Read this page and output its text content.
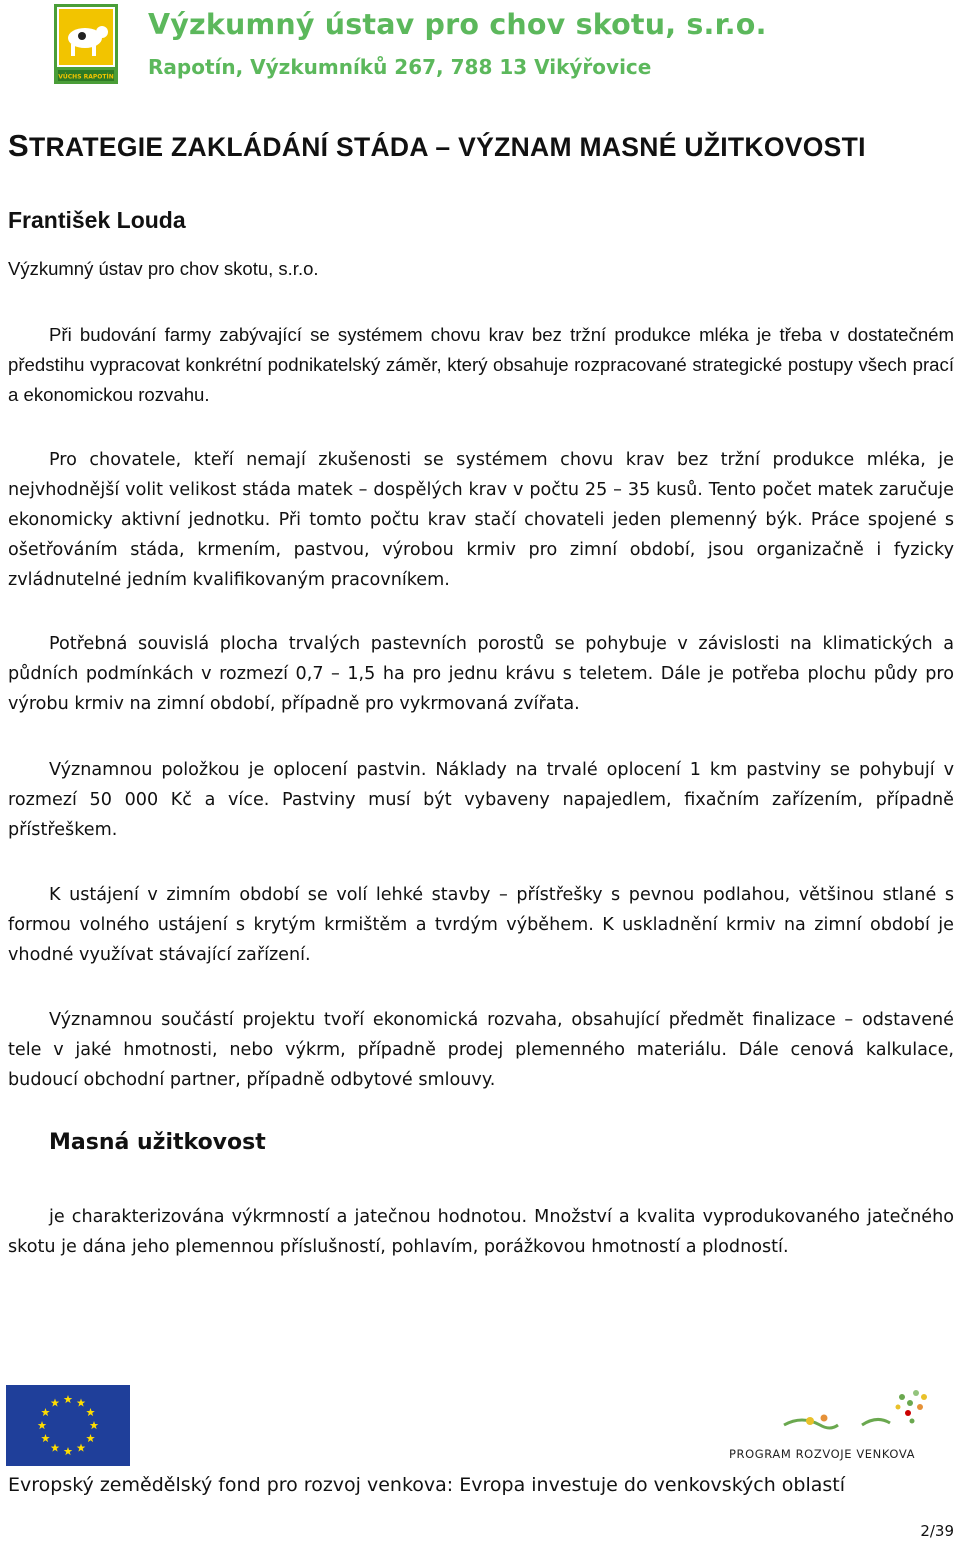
VÚCHS RAPOTÍN
Výzkumný ústav pro chov skotu, s.r.o.
Rapotín, Výzkumníků 267, 788 13 Vikýřovice
STRATEGIE ZAKLÁDÁNÍ STÁDA – VÝZNAM MASNÉ UŽITKOVOSTI
František Louda
Výzkumný ústav pro chov skotu, s.r.o.

Při budování farmy zabývající se systémem chovu krav bez tržní produkce mléka je třeba v dostatečném předstihu vypracovat konkrétní podnikatelský záměr, který obsahuje rozpracované strategické postupy všech prací a ekonomickou rozvahu.

Pro chovatele, kteří nemají zkušenosti se systémem chovu krav bez tržní produkce mléka, je nejvhodnější volit velikost stáda matek – dospělých krav v počtu 25 – 35 kusů. Tento počet matek zaručuje ekonomicky aktivní jednotku. Při tomto počtu krav stačí chovateli jeden plemenný býk. Práce spojené s ošetřováním stáda, krmením, pastvou, výrobou krmiv pro zimní období, jsou organizačně i fyzicky zvládnutelné jedním kvalifikovaným pracovníkem.

Potřebná souvislá plocha trvalých pastevních porostů se pohybuje v závislosti na klimatických a půdních podmínkách v rozmezí 0,7 – 1,5 ha pro jednu krávu s teletem. Dále je potřeba plochu půdy pro výrobu krmiv na zimní období, případně pro vykrmovaná zvířata.

Významnou položkou je oplocení pastvin. Náklady na trvalé oplocení 1 km pastviny se pohybují v rozmezí 50 000 Kč a více. Pastviny musí být vybaveny napajedlem, fixačním zařízením, případně přístřeškem.

K ustájení v zimním období se volí lehké stavby – přístřešky s pevnou podlahou, většinou stlané s formou volného ustájení s krytým krmištěm a tvrdým výběhem. K uskladnění krmiv na zimní období je vhodné využívat stávající zařízení.

Významnou součástí projektu tvoří ekonomická rozvaha, obsahující předmět finalizace – odstavené tele v jaké hmotnosti, nebo výkrm, případně prodej plemenného materiálu. Dále cenová kalkulace, budoucí obchodní partner, případně odbytové smlouvy.

Masná užitkovost

je charakterizována výkrmností a jatečnou hodnotou. Množství a kvalita vyprodukovaného jatečného skotu je dána jeho plemennou příslušností, pohlavím, porážkovou hmotností a plodností.

PROGRAM ROZVOJE VENKOVA
Evropský zemědělský fond pro rozvoj venkova: Evropa investuje do venkovských oblastí
2/39
